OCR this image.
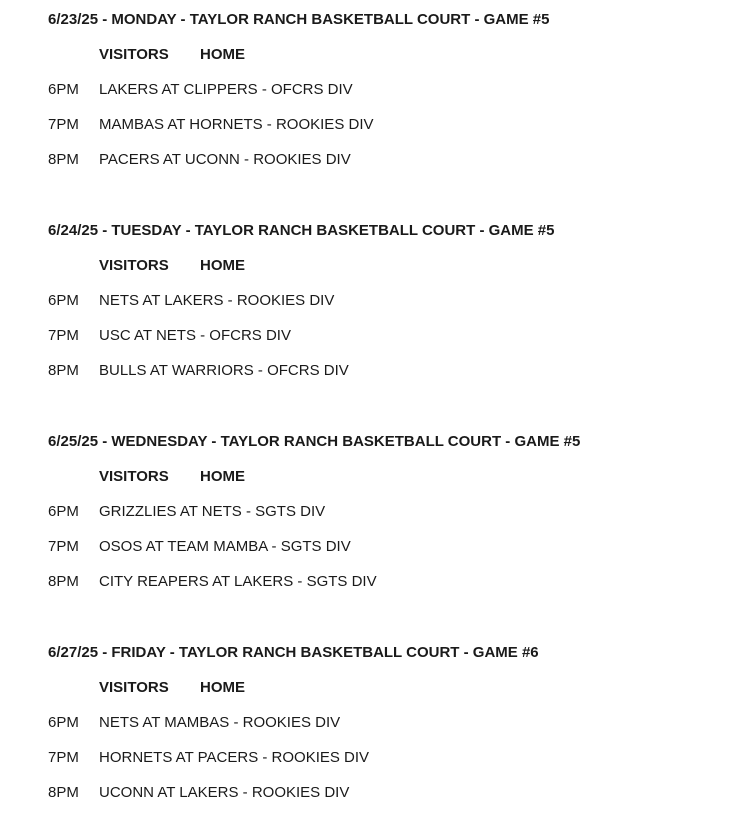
6/23/25 - MONDAY - TAYLOR RANCH BASKETBALL COURT - GAME #5
VISITORS HOME
6PM LAKERS AT CLIPPERS - OFCRS DIV
7PM MAMBAS AT HORNETS - ROOKIES DIV
8PM PACERS AT UCONN - ROOKIES DIV
6/24/25 - TUESDAY - TAYLOR RANCH BASKETBALL COURT - GAME #5
VISITORS HOME
6PM NETS AT LAKERS - ROOKIES DIV
7PM USC AT NETS - OFCRS DIV
8PM BULLS AT WARRIORS - OFCRS DIV
6/25/25 - WEDNESDAY - TAYLOR RANCH BASKETBALL COURT - GAME #5
VISITORS HOME
6PM GRIZZLIES AT NETS - SGTS DIV
7PM OSOS AT TEAM MAMBA - SGTS DIV
8PM CITY REAPERS AT LAKERS - SGTS DIV
6/27/25 - FRIDAY - TAYLOR RANCH BASKETBALL COURT - GAME #6
VISITORS HOME
6PM NETS AT MAMBAS - ROOKIES DIV
7PM HORNETS AT PACERS - ROOKIES DIV
8PM UCONN AT LAKERS - ROOKIES DIV
